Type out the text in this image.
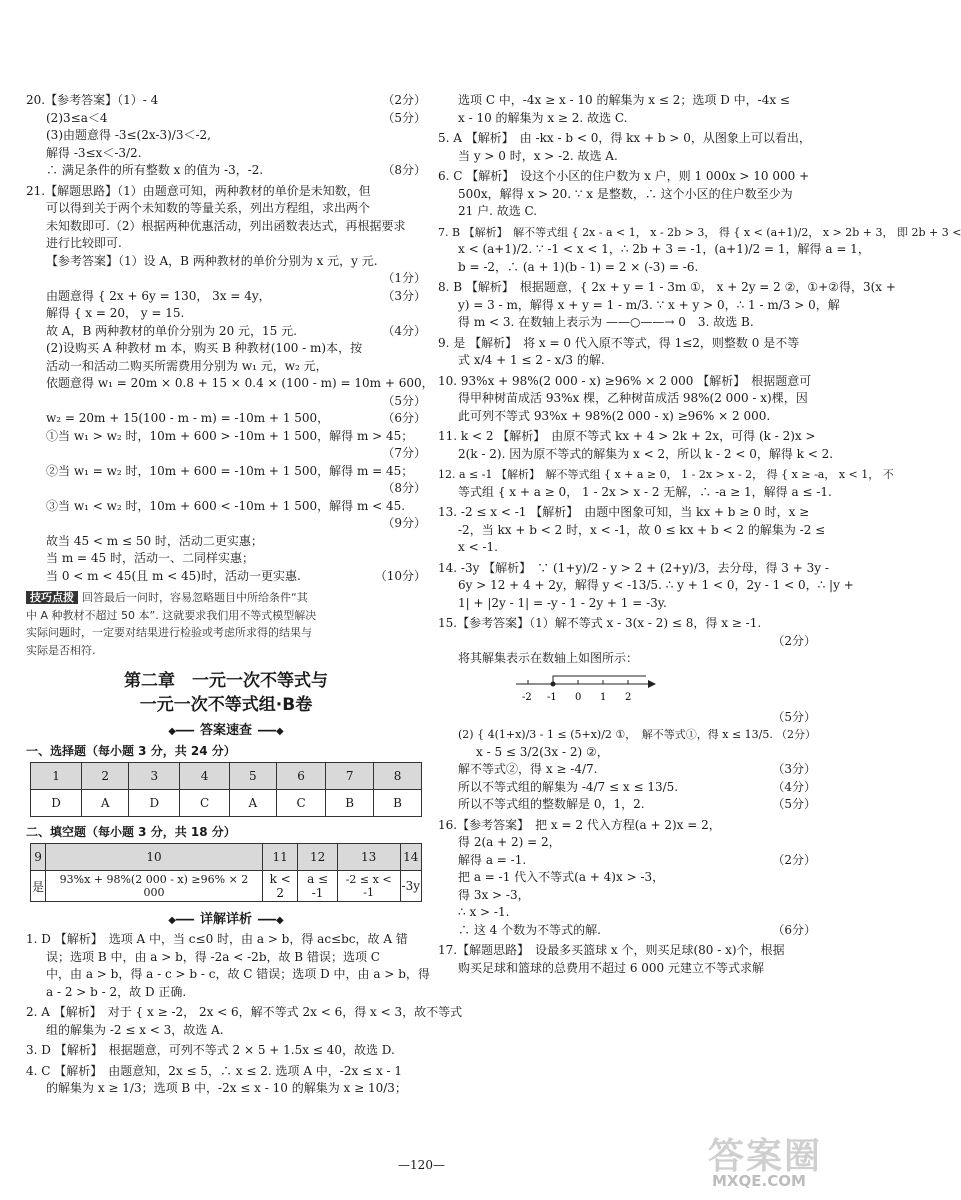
20.【参考答案】（1）- 4	（2分）
(2)3≤a＜4	（5分）
(3)由题意得 -3≤(2x-3)/3＜-2,
解得 -3≤x＜-3/2.
∴ 满足条件的所有整数 x 的值为 -3，-2.	（8分）
21.【解题思路】（1）由题意可知，两种教材的单价是未知数，但
可以得到关于两个未知数的等量关系，列出方程组，求出两个
未知数即可.（2）根据两种优惠活动，列出函数表达式，再根据要求
进行比较即可.
【参考答案】（1）设 A，B 两种教材的单价分别为 x 元，y 元.
（1分）

由题意得 { 2x + 6y = 130， 3x = 4y，	（3分）
解得 { x = 20， y = 15.
故 A，B 两种教材的单价分别为 20 元，15 元.	（4分）
(2)设购买 A 种教材 m 本，购买 B 种教材(100 - m)本，按
活动一和活动二购买所需费用分别为 w₁ 元，w₂ 元，
依题意得 w₁ = 20m × 0.8 + 15 × 0.4 × (100 - m) = 10m + 600，
（5分）

w₂ = 20m + 15(100 - m - m) = -10m + 1 500，	（6分）
①当 w₁ > w₂ 时，10m + 600 > -10m + 1 500，解得 m > 45；
（7分）

②当 w₁ = w₂ 时，10m + 600 = -10m + 1 500，解得 m = 45；
（8分）

③当 w₁ < w₂ 时，10m + 600 < -10m + 1 500，解得 m < 45.
（9分）

故当 45 < m ≤ 50 时，活动二更实惠；
当 m = 45 时，活动一、二同样实惠；
当 0 < m < 45(且 m < 45)时，活动一更实惠.	（10分）
技巧点拨 回答最后一问时，容易忽略题目中所给条件“其
中 A 种教材不超过 50 本”. 这就要求我们用不等式模型解决
实际问题时，一定要对结果进行检验或考虑所求得的结果与
实际是否相符.
第二章　一元一次不等式与
一元一次不等式组·B卷
◆━━━ 答案速查 ━━━◆
一、选择题（每小题 3 分，共 24 分）
1	2	3	4	5	6	7	8
D	A	D	C	A	C	B	B
二、填空题（每小题 3 分，共 18 分）
9	10	11	12	13	14
是	93%x + 98%(2 000 - x) ≥96% × 2 000	k < 2	a ≤ -1	-2 ≤ x < -1	-3y
◆━━━ 详解详析 ━━━◆
1. D 【解析】　选项 A 中，当 c≤0 时，由 a > b，得 ac≤bc，故 A 错
误；选项 B 中，由 a > b，得 -2a < -2b，故 B 错误；选项 C
中，由 a > b，得 a - c > b - c，故 C 错误；选项 D 中，由 a > b，得
a - 2 > b - 2，故 D 正确.
2. A 【解析】　对于 { x ≥ -2， 2x < 6，解不等式 2x < 6，得 x < 3，故不等式
组的解集为 -2 ≤ x < 3，故选 A.
3. D 【解析】　根据题意，可列不等式 2 × 5 + 1.5x ≤ 40，故选 D.
4. C 【解析】　由题意知，2x ≤ 5，∴ x ≤ 2. 选项 A 中，-2x ≤ x - 1
的解集为 x ≥ 1/3；选项 B 中，-2x ≤ x - 10 的解集为 x ≥ 10/3；
选项 C 中，-4x ≥ x - 10 的解集为 x ≤ 2；选项 D 中，-4x ≤
x - 10 的解集为 x ≥ 2. 故选 C.
5. A 【解析】　由 -kx - b < 0，得 kx + b > 0，从图象上可以看出，
当 y > 0 时，x > -2. 故选 A.
6. C 【解析】　设这个小区的住户数为 x 户，则 1 000x > 10 000 +
500x，解得 x > 20. ∵ x 是整数，∴ 这个小区的住户数至少为
21 户. 故选 C.
7. B 【解析】　解不等式组 { 2x - a < 1， x - 2b > 3， 得 { x < (a+1)/2， x > 2b + 3， 即 2b + 3 <
x < (a+1)/2. ∵ -1 < x < 1，∴ 2b + 3 = -1，(a+1)/2 = 1，解得 a = 1，
b = -2，∴ (a + 1)(b - 1) = 2 × (-3) = -6.
8. B 【解析】　根据题意，{ 2x + y = 1 - 3m ①， x + 2y = 2 ②，①+②得，3(x +
y) = 3 - m，解得 x + y = 1 - m/3. ∵ x + y > 0，∴ 1 - m/3 > 0，解
得 m < 3. 在数轴上表示为 ——○——→ 0　3. 故选 B.
9. 是 【解析】　将 x = 0 代入原不等式，得 1≤2，则整数 0 是不等
式 x/4 + 1 ≤ 2 - x/3 的解.
10. 93%x + 98%(2 000 - x) ≥96% × 2 000 【解析】　根据题意可
得甲种树苗成活 93%x 棵，乙种树苗成活 98%(2 000 - x)棵，因
此可列不等式 93%x + 98%(2 000 - x) ≥96% × 2 000.
11. k < 2 【解析】　由原不等式 kx + 4 > 2k + 2x，可得 (k - 2)x >
2(k - 2). 因为原不等式的解集为 x < 2，所以 k - 2 < 0，解得 k < 2.
12. a ≤ -1 【解析】　解不等式组 { x + a ≥ 0， 1 - 2x > x - 2， 得 { x ≥ -a， x < 1， 不
等式组 { x + a ≥ 0， 1 - 2x > x - 2 无解，∴ -a ≥ 1，解得 a ≤ -1.
13. -2 ≤ x < -1 【解析】　由题中图象可知，当 kx + b ≥ 0 时，x ≥
-2，当 kx + b < 2 时，x < -1，故 0 ≤ kx + b < 2 的解集为 -2 ≤
x < -1.
14. -3y 【解析】　∵ (1+y)/2 - y > 2 + (2+y)/3，去分母，得 3 + 3y -
6y > 12 + 4 + 2y，解得 y < -13/5. ∴ y + 1 < 0，2y - 1 < 0，∴ |y +
1| + |2y - 1| = -y - 1 - 2y + 1 = -3y.
15.【参考答案】（1）解不等式 x - 3(x - 2) ≤ 8，得 x ≥ -1.
（2分）

将其解集表示在数轴上如图所示：
-2 -1 0 1 2
（5分）

(2) { 4(1+x)/3 - 1 ≤ (5+x)/2 ①，　解不等式①，得 x ≤ 13/5. （2分）
x - 5 ≤ 3/2(3x - 2) ②，
解不等式②，得 x ≥ -4/7.	（3分）
所以不等式组的解集为 -4/7 ≤ x ≤ 13/5.	（4分）
所以不等式组的整数解是 0，1，2.	（5分）
16.【参考答案】　把 x = 2 代入方程(a + 2)x = 2，
得 2(a + 2) = 2，
解得 a = -1.	（2分）
把 a = -1 代入不等式(a + 4)x > -3，
得 3x > -3，
∴ x > -1.
∴ 这 4 个数为不等式的解.	（6分）
17.【解题思路】　设最多买篮球 x 个，则买足球(80 - x)个，根据
购买足球和篮球的总费用不超过 6 000 元建立不等式求解
—120—	答案圈
MXQE.COM
